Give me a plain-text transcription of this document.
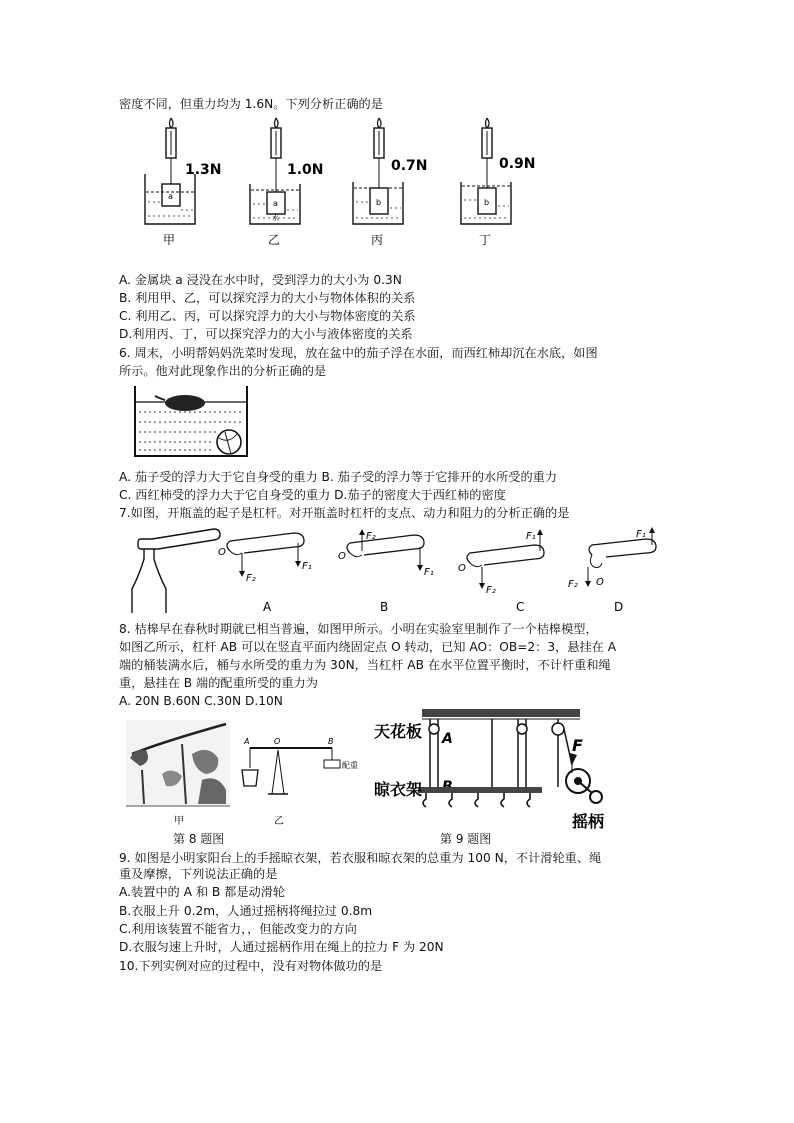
密度不同，但重力均为 1.6N。下列分析正确的是
1.3N
a
甲
1.0N
a
水
乙
0.7N
b
丙
0.9N
b
丁
A. 金属块 a 浸没在水中时，受到浮力的大小为 0.3N
B. 利用甲、乙，可以探究浮力的大小与物体体积的关系
C. 利用乙、丙，可以探究浮力的大小与物体密度的关系
D.利用丙、丁，可以探究浮力的大小与液体密度的关系
6. 周末，小明帮妈妈洗菜时发现，放在盆中的茄子浮在水面，而西红柿却沉在水底，如图
所示。他对此现象作出的分析正确的是
A. 茄子受的浮力大于它自身受的重力 B. 茄子受的浮力等于它排开的水所受的重力
C. 西红柿受的浮力大于它自身受的重力 D.茄子的密度大于西红柿的密度
7.如图，开瓶盖的起子是杠杆。对开瓶盖时杠杆的支点、动力和阻力的分析正确的是
O
F₂
F₁
A
O
F₂
F₁
B
O
F₂
F₁
C
O
F₂
F₁
D
8. 桔槔早在春秋时期就已相当普遍，如图甲所示。小明在实验室里制作了一个桔槔模型，
如图乙所示，杠杆 AB 可以在竖直平面内绕固定点 O 转动，已知 AO：OB=2：3，悬挂在 A
端的桶装满水后，桶与水所受的重力为 30N，当杠杆 AB 在水平位置平衡时，不计杆重和绳
重，悬挂在 B 端的配重所受的重力为
A. 20N B.60N C.30N D.10N
甲
A	O	B
配重
乙
第 8 题图
天花板 A	F
晾衣架
摇柄
第 9 题图
9. 如图是小明家阳台上的手摇晾衣架，若衣服和晾衣架的总重为 100 N，不计滑轮重、绳
重及摩擦，下列说法正确的是
A.装置中的 A 和 B 都是动滑轮
B.衣服上升 0.2m，人通过摇柄将绳拉过 0.8m
C.利用该装置不能省力，，但能改变力的方向
D.衣服匀速上升时，人通过摇柄作用在绳上的拉力 F 为 20N
10.下列实例对应的过程中，没有对物体做功的是
